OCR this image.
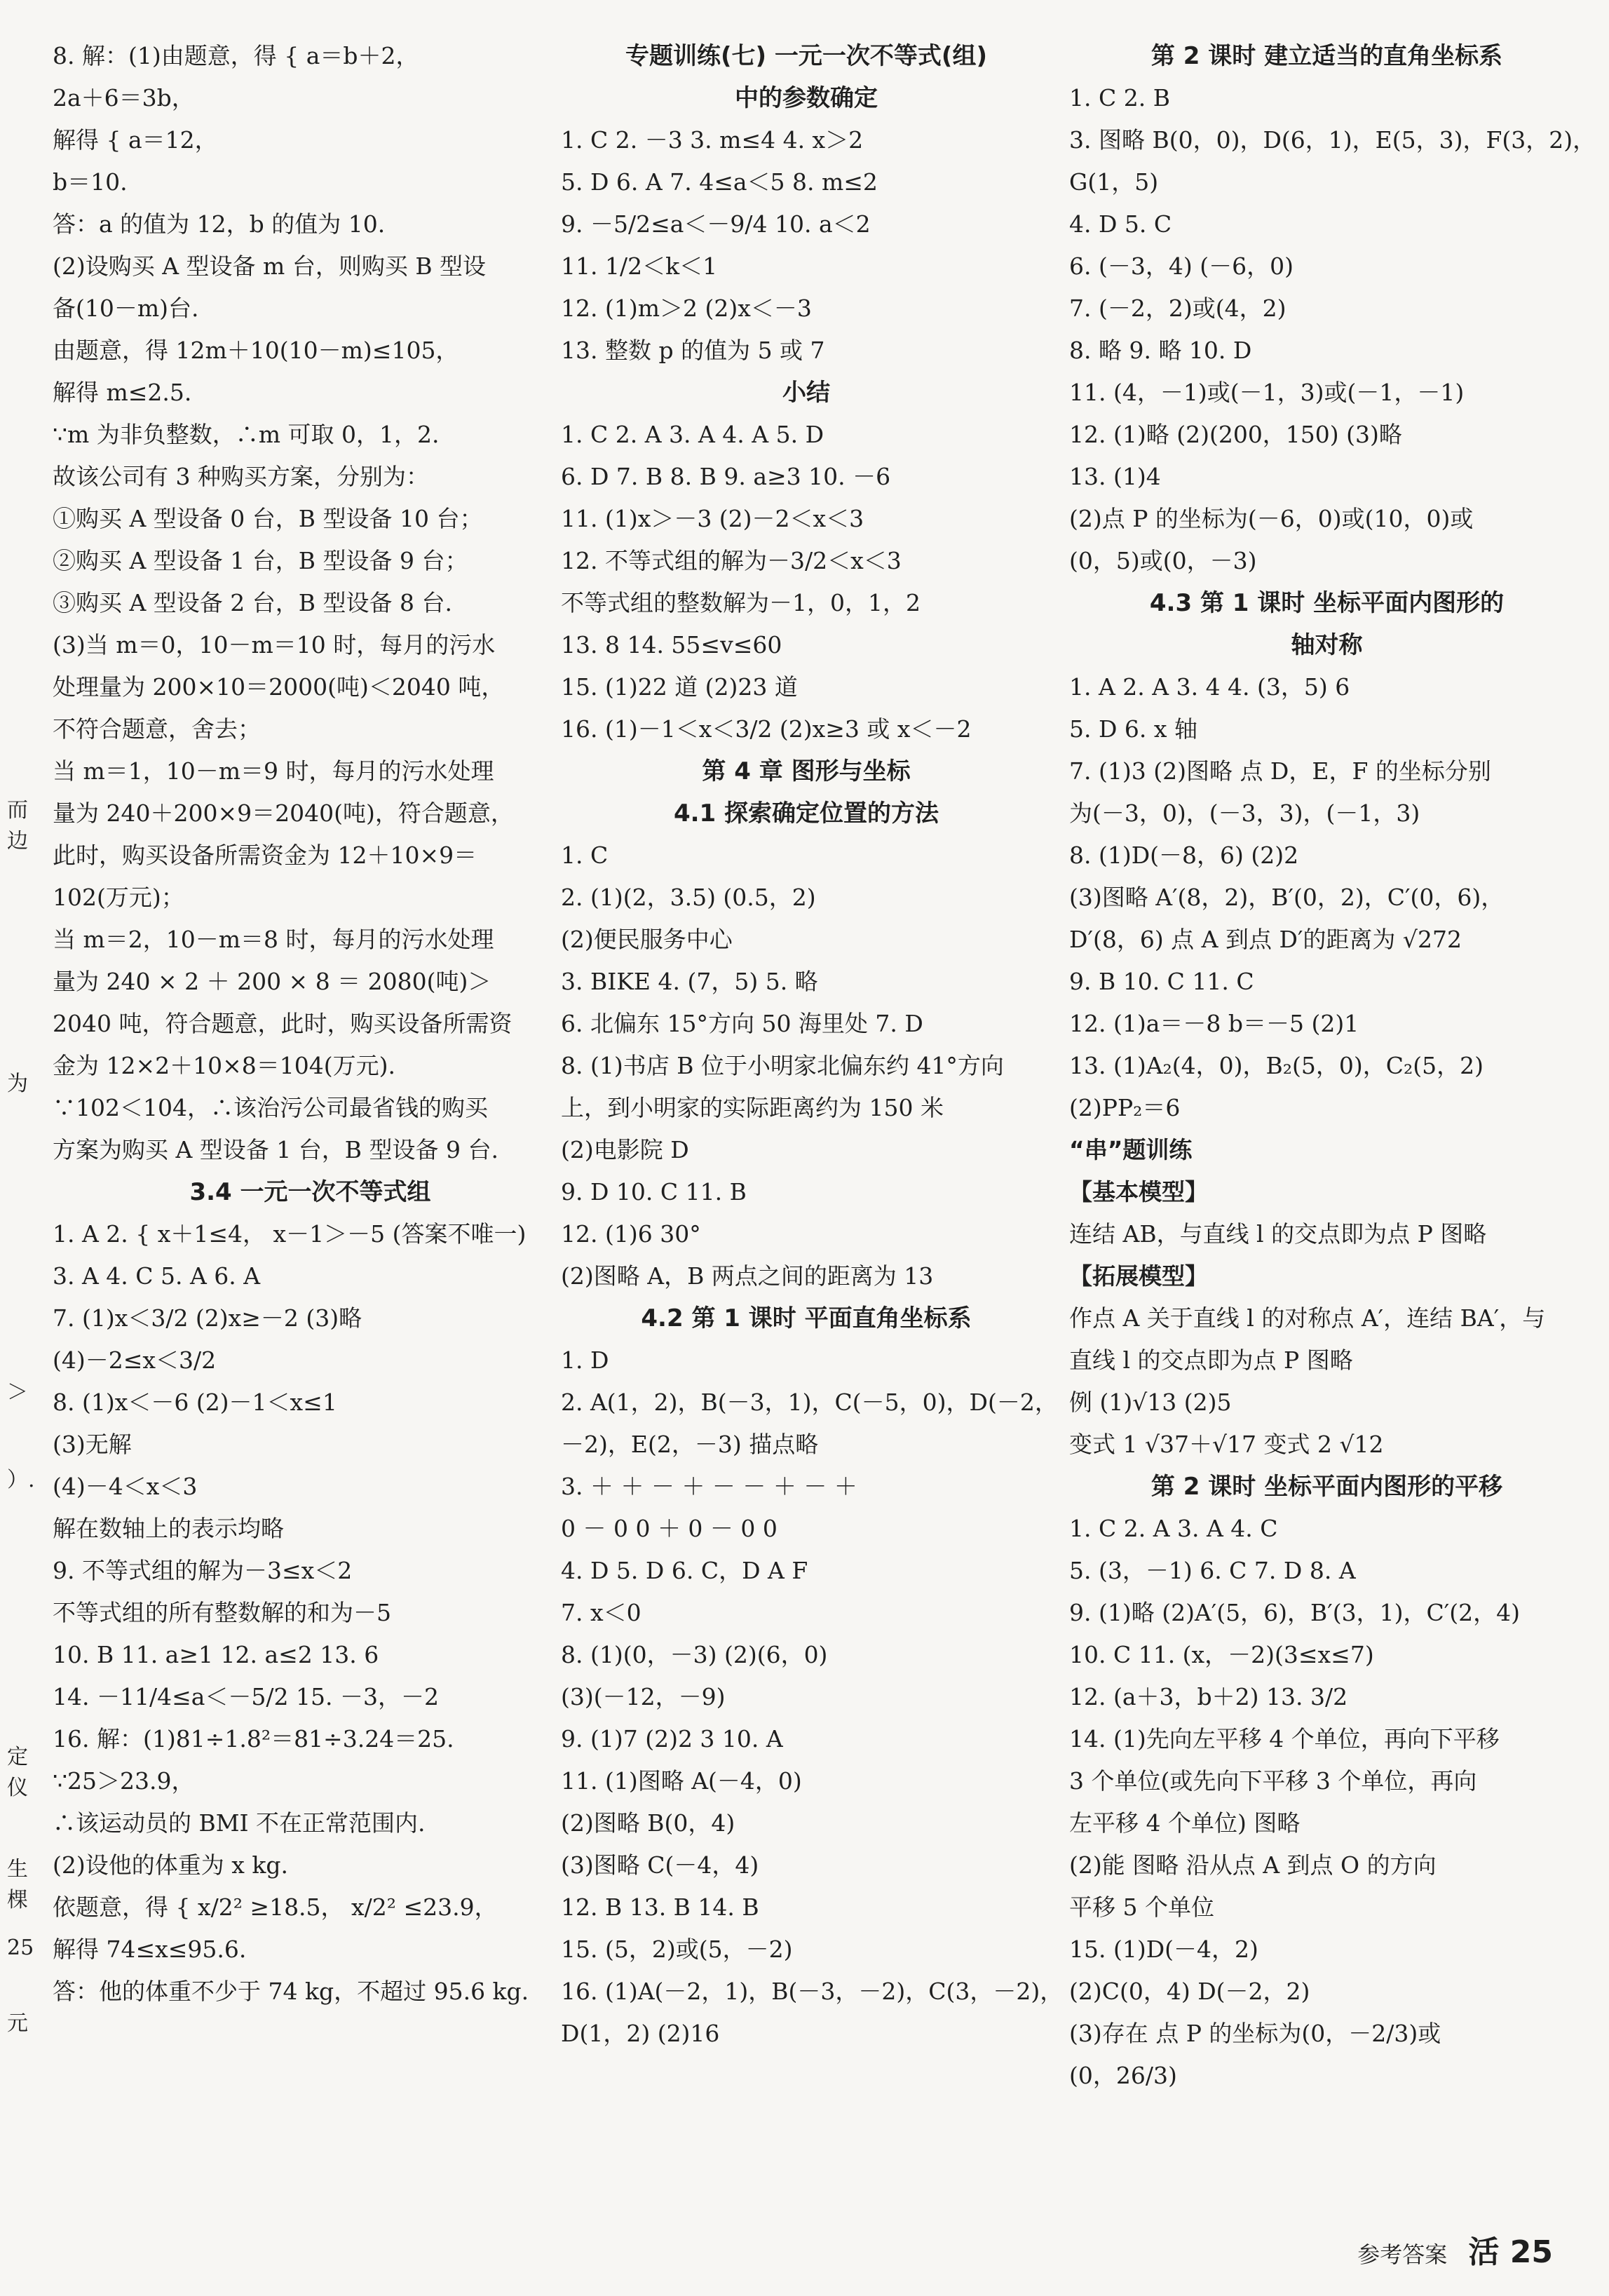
而边
为
＞
）.
定仪
生棵
25
元
8. 解：(1)由题意，得 { a＝b＋2，
2a＋6＝3b，
解得 { a＝12，
b＝10.
答：a 的值为 12，b 的值为 10.
(2)设购买 A 型设备 m 台，则购买 B 型设
备(10－m)台.
由题意，得 12m＋10(10－m)≤105，
解得 m≤2.5.
∵m 为非负整数，∴m 可取 0，1，2.
故该公司有 3 种购买方案，分别为：
①购买 A 型设备 0 台，B 型设备 10 台；
②购买 A 型设备 1 台，B 型设备 9 台；
③购买 A 型设备 2 台，B 型设备 8 台.
(3)当 m＝0，10－m＝10 时，每月的污水
处理量为 200×10＝2000(吨)＜2040 吨，
不符合题意，舍去；
当 m＝1，10－m＝9 时，每月的污水处理
量为 240＋200×9＝2040(吨)，符合题意，
此时，购买设备所需资金为 12＋10×9＝
102(万元)；
当 m＝2，10－m＝8 时，每月的污水处理
量为 240 × 2 ＋ 200 × 8 ＝ 2080(吨)＞
2040 吨，符合题意，此时，购买设备所需资
金为 12×2＋10×8＝104(万元).
∵102＜104，∴该治污公司最省钱的购买
方案为购买 A 型设备 1 台，B 型设备 9 台.
3.4 一元一次不等式组
1. A 2. { x＋1≤4， x－1＞－5 (答案不唯一)
3. A 4. C 5. A 6. A
7. (1)x＜3/2 (2)x≥－2 (3)略
(4)－2≤x＜3/2
8. (1)x＜－6 (2)－1＜x≤1
(3)无解
(4)－4＜x＜3
解在数轴上的表示均略
9. 不等式组的解为－3≤x＜2
不等式组的所有整数解的和为－5
10. B 11. a≥1 12. a≤2 13. 6
14. －11/4≤a＜－5/2 15. －3，－2
16. 解：(1)81÷1.8²＝81÷3.24＝25.
∵25＞23.9，
∴该运动员的 BMI 不在正常范围内.
(2)设他的体重为 x kg.
依题意，得 { x/2² ≥18.5， x/2² ≤23.9，
解得 74≤x≤95.6.
答：他的体重不少于 74 kg，不超过 95.6 kg.
专题训练(七) 一元一次不等式(组)
中的参数确定
1. C 2. －3 3. m≤4 4. x＞2
5. D 6. A 7. 4≤a＜5 8. m≤2
9. －5/2≤a＜－9/4 10. a＜2
11. 1/2＜k＜1
12. (1)m＞2 (2)x＜－3
13. 整数 p 的值为 5 或 7
小结
1. C 2. A 3. A 4. A 5. D
6. D 7. B 8. B 9. a≥3 10. －6
11. (1)x＞－3 (2)－2＜x＜3
12. 不等式组的解为－3/2＜x＜3
不等式组的整数解为－1，0，1，2
13. 8 14. 55≤v≤60
15. (1)22 道 (2)23 道
16. (1)－1＜x＜3/2 (2)x≥3 或 x＜－2
第 4 章 图形与坐标
4.1 探索确定位置的方法
1. C
2. (1)(2，3.5) (0.5，2)
(2)便民服务中心
3. BIKE 4. (7，5) 5. 略
6. 北偏东 15°方向 50 海里处 7. D
8. (1)书店 B 位于小明家北偏东约 41°方向
上，到小明家的实际距离约为 150 米
(2)电影院 D
9. D 10. C 11. B
12. (1)6 30°
(2)图略 A，B 两点之间的距离为 13
4.2 第 1 课时 平面直角坐标系
1. D
2. A(1，2)，B(－3，1)，C(－5，0)，D(－2，
－2)，E(2，－3) 描点略
3. ＋ ＋ － ＋ － － ＋ － ＋
0 － 0 0 ＋ 0 － 0 0
4. D 5. D 6. C，D A F
7. x＜0
8. (1)(0，－3) (2)(6，0)
(3)(－12，－9)
9. (1)7 (2)2 3 10. A
11. (1)图略 A(－4，0)
(2)图略 B(0，4)
(3)图略 C(－4，4)
12. B 13. B 14. B
15. (5，2)或(5，－2)
16. (1)A(－2，1)，B(－3，－2)，C(3，－2)，
D(1，2) (2)16
第 2 课时 建立适当的直角坐标系
1. C 2. B
3. 图略 B(0，0)，D(6，1)，E(5，3)，F(3，2)，
G(1，5)
4. D 5. C
6. (－3，4) (－6，0)
7. (－2，2)或(4，2)
8. 略 9. 略 10. D
11. (4，－1)或(－1，3)或(－1，－1)
12. (1)略 (2)(200，150) (3)略
13. (1)4
(2)点 P 的坐标为(－6，0)或(10，0)或
(0，5)或(0，－3)
4.3 第 1 课时 坐标平面内图形的
轴对称
1. A 2. A 3. 4 4. (3，5) 6
5. D 6. x 轴
7. (1)3 (2)图略 点 D，E，F 的坐标分别
为(－3，0)，(－3，3)，(－1，3)
8. (1)D(－8，6) (2)2
(3)图略 A′(8，2)，B′(0，2)，C′(0，6)，
D′(8，6) 点 A 到点 D′的距离为 √272
9. B 10. C 11. C
12. (1)a＝－8 b＝－5 (2)1
13. (1)A₂(4，0)，B₂(5，0)，C₂(5，2)
(2)PP₂＝6
“串”题训练
【基本模型】
连结 AB，与直线 l 的交点即为点 P 图略
【拓展模型】
作点 A 关于直线 l 的对称点 A′，连结 BA′，与
直线 l 的交点即为点 P 图略
例 (1)√13 (2)5
变式 1 √37＋√17 变式 2 √12
第 2 课时 坐标平面内图形的平移
1. C 2. A 3. A 4. C
5. (3，－1) 6. C 7. D 8. A
9. (1)略 (2)A′(5，6)，B′(3，1)，C′(2，4)
10. C 11. (x，－2)(3≤x≤7)
12. (a＋3，b＋2) 13. 3/2
14. (1)先向左平移 4 个单位，再向下平移
3 个单位(或先向下平移 3 个单位，再向
左平移 4 个单位) 图略
(2)能 图略 沿从点 A 到点 O 的方向
平移 5 个单位
15. (1)D(－4，2)
(2)C(0，4) D(－2，2)
(3)存在 点 P 的坐标为(0，－2/3)或
(0，26/3)
参考答案 活 25
